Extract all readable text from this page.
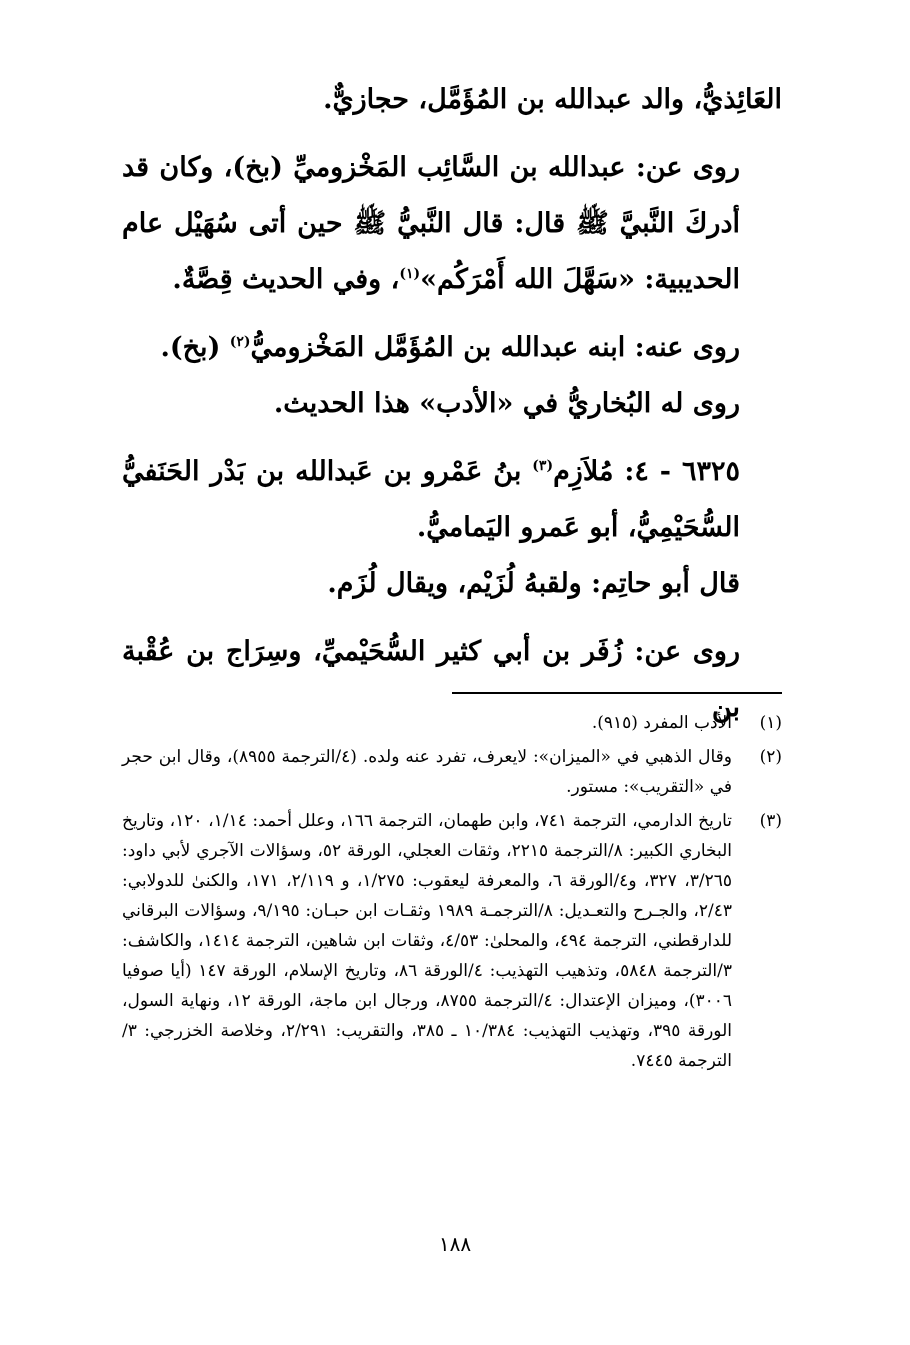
العَائِذيُّ، والد عبدالله بن المُؤَمَّل، حجازيٌّ.

روى عن: عبدالله بن السَّائِب المَخْزوميِّ (بخ)، وكان قد أدركَ النَّبيَّ ﷺ قال: قال النَّبيُّ ﷺ حين أتى سُهَيْل عام الحديبية: «سَهَّلَ الله أَمْرَكُم»$^{(١)}$، وفي الحديث قِصَّةٌ.

روى عنه: ابنه عبدالله بن المُؤَمَّل المَخْزوميُّ$^{(٢)}$ (بخ).

روى له البُخاريُّ في «الأدب» هذا الحديث.

٦٣٢٥ - ٤: مُلاَزِم$^{(٣)}$ بنُ عَمْرو بن عَبدالله بن بَدْر الحَنَفيُّ السُّحَيْمِيُّ، أبو عَمرو اليَماميُّ.

قال أبو حاتِم: ولقبهُ لُزَيْم، ويقال لُزَم.

روى عن: زُفَر بن أبي كثير السُّحَيْميِّ، وسِرَاج بن عُقْبة بن	(١)
الأدب المفرد (٩١٥).
(٢)
وقال الذهبي في «الميزان»: لايعرف، تفرد عنه ولده. (٤/الترجمة ٨٩٥٥)، وقال ابن حجر في «التقريب»: مستور.
(٣)
تاريخ الدارمي، الترجمة ٧٤١، وابن طهمان، الترجمة ١٦٦، وعلل أحمد: ١/١٤، ١٢٠، وتاريخ البخاري الكبير: ٨/الترجمة ٢٢١٥، وثقات العجلي، الورقة ٥٢، وسؤالات الآجري لأبي داود: ٣/٢٦٥، ٣٢٧، و٤/الورقة ٦، والمعرفة ليعقوب: ١/٢٧٥، و ٢/١١٩، ١٧١، والكنىٰ للدولابي: ٢/٤٣، والجـرح والتعـديل: ٨/الترجمـة ١٩٨٩ وثقـات ابن حبـان: ٩/١٩٥، وسؤالات البرقاني للدارقطني، الترجمة ٤٩٤، والمحلىٰ: ٤/٥٣، وثقات ابن شاهين، الترجمة ١٤١٤، والكاشف: ٣/الترجمة ٥٨٤٨، وتذهيب التهذيب: ٤/الورقة ٨٦، وتاريخ الإسلام، الورقة ١٤٧ (أيا صوفيا ٣٠٠٦)، وميزان الإعتدال: ٤/الترجمة ٨٧٥٥، ورجال ابن ماجة، الورقة ١٢، ونهاية السول، الورقة ٣٩٥، وتهذيب التهذيب: ١٠/٣٨٤ ـ ٣٨٥، والتقريب: ٢/٢٩١، وخلاصة الخزرجي: ٣/الترجمة ٧٤٤٥.
١٨٨
